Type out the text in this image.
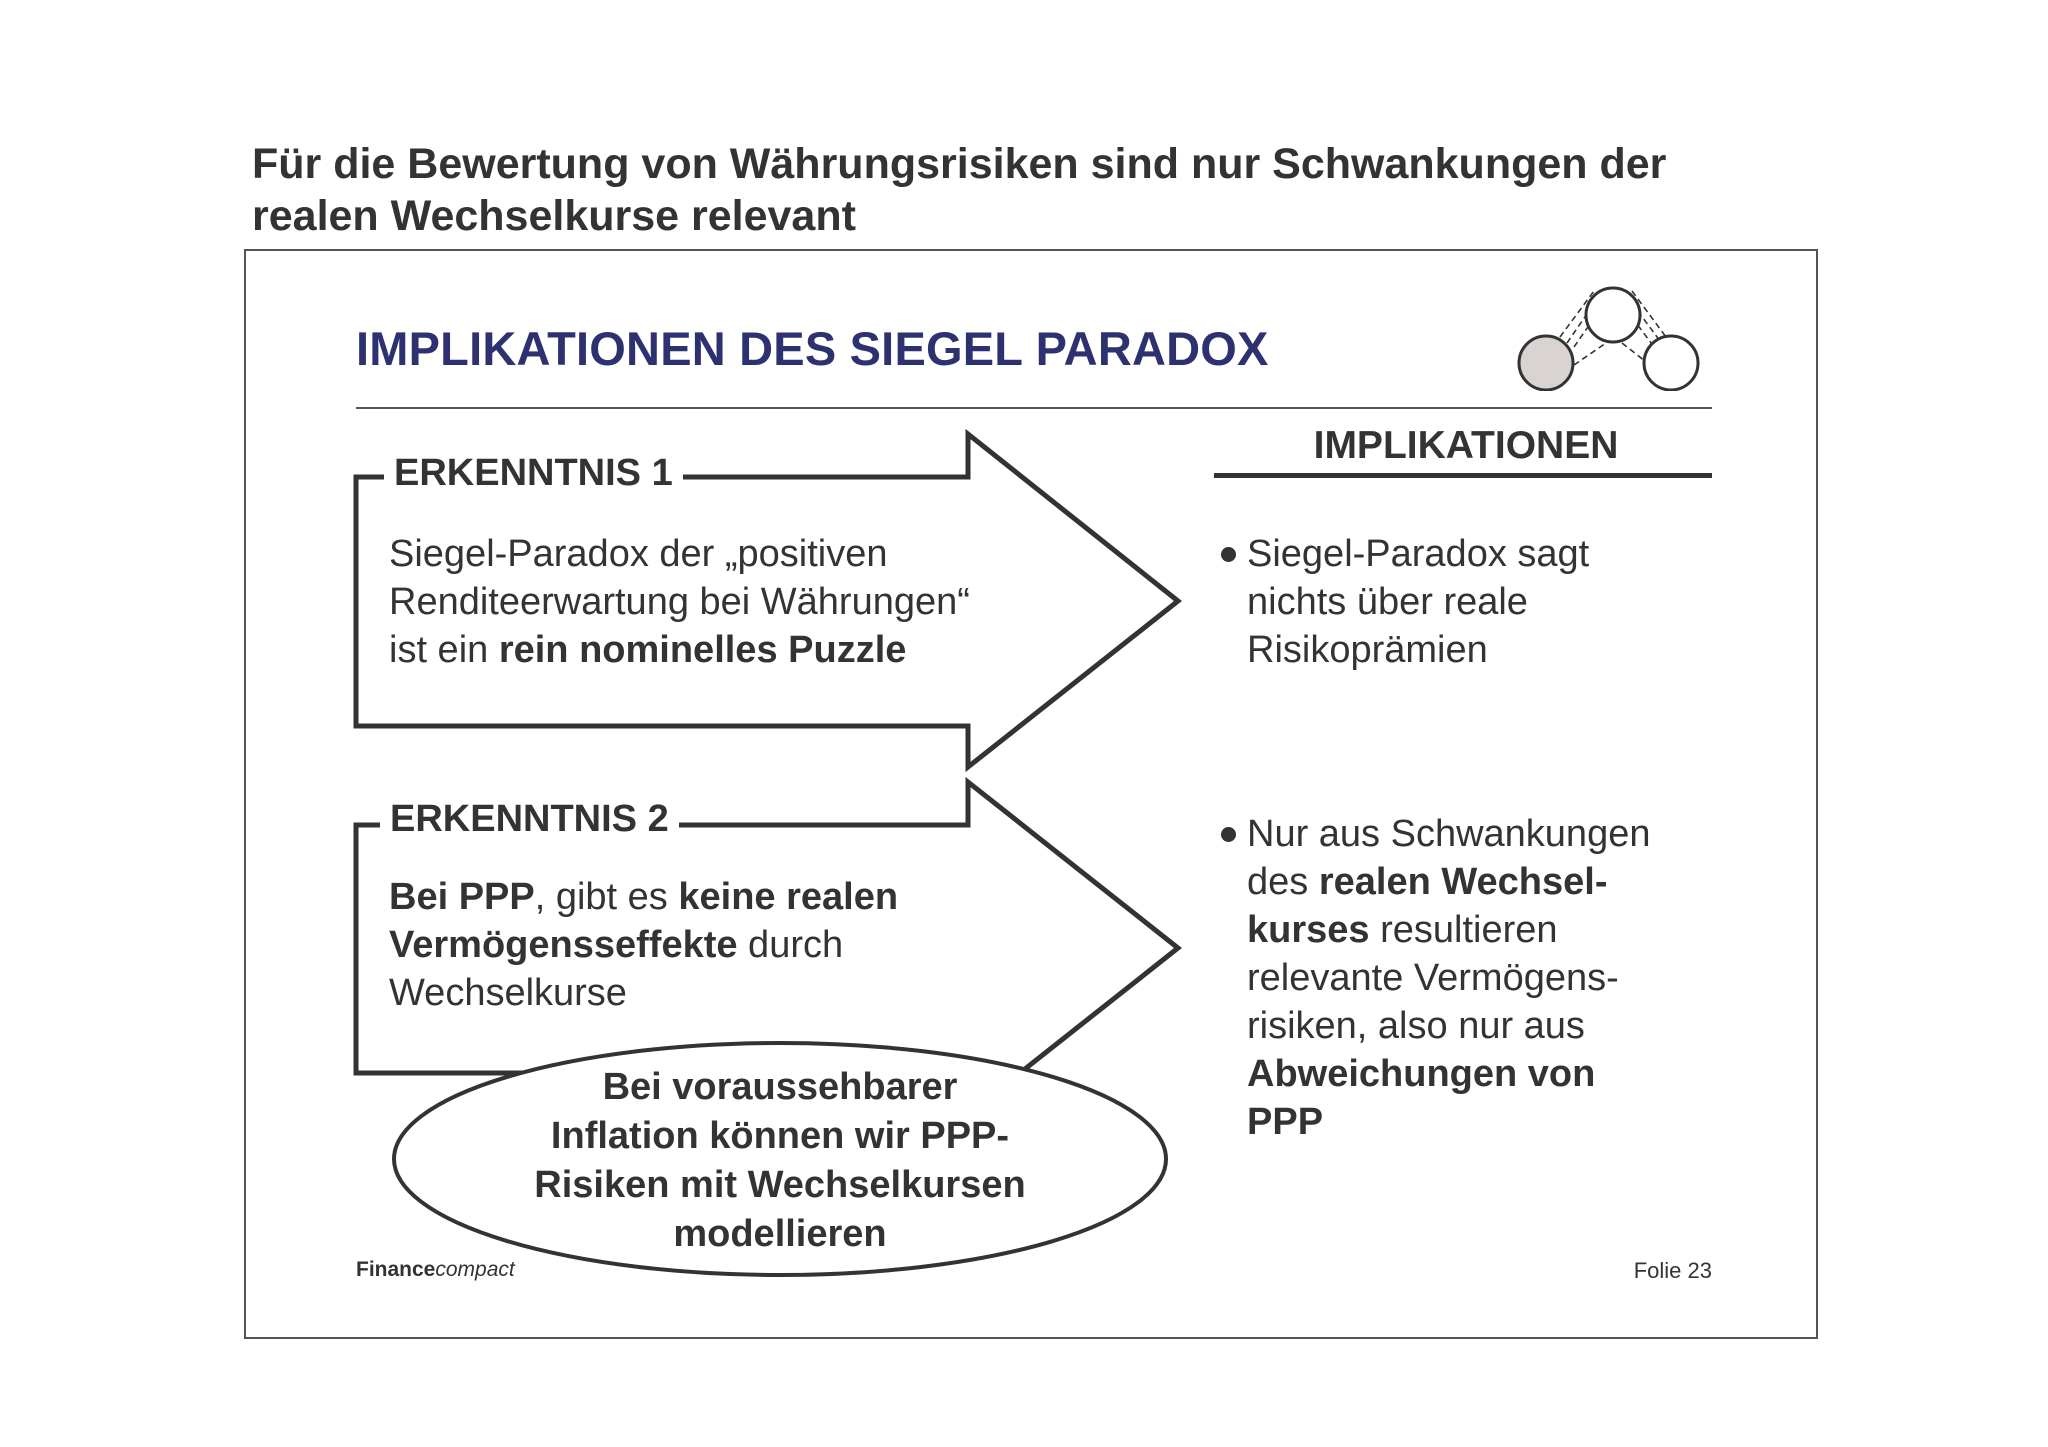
Für die Bewertung von Währungsrisiken sind nur Schwankungen der
realen Wechselkurse relevant
IMPLIKATIONEN DES SIEGEL PARADOX
ERKENNTNIS 1
Siegel-Paradox der „positiven
Renditeerwartung bei Währungen“
ist ein rein nominelles Puzzle
ERKENNTNIS 2
Bei PPP, gibt es keine realen
Vermögensseffekte durch
Wechselkurse
IMPLIKATIONEN
Siegel-Paradox sagt
nichts über reale
Risikoprämien
Nur aus Schwankungen
des realen Wechsel-
kurses resultieren
relevante Vermögens-
risiken, also nur aus
Abweichungen von
PPP
Bei voraussehbarer
Inflation können wir PPP-
Risiken mit Wechselkursen
modellieren
Financecompact	Folie 23
